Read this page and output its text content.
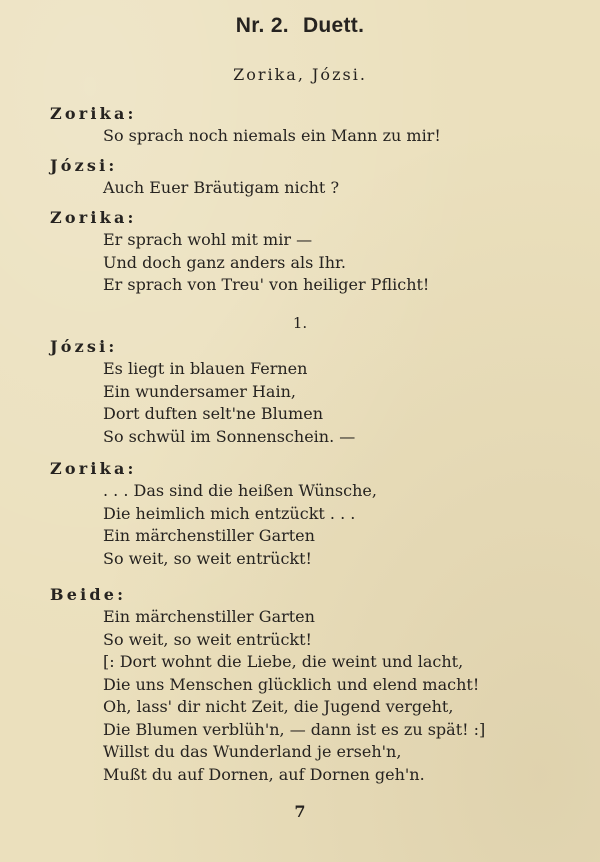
Nr. 2. Duett.
Zorika, Józsi.
Zorika:
So sprach noch niemals ein Mann zu mir!
Józsi:
Auch Euer Bräutigam nicht ?
Zorika:
Er sprach wohl mit mir —
Und doch ganz anders als Ihr.
Er sprach von Treu' von heiliger Pflicht!
1.
Józsi:
Es liegt in blauen Fernen
Ein wundersamer Hain,
Dort duften selt'ne Blumen
So schwül im Sonnenschein. —
Zorika:
. . . Das sind die heißen Wünsche,
Die heimlich mich entzückt . . .
Ein märchenstiller Garten
So weit, so weit entrückt!
Beide:
Ein märchenstiller Garten
So weit, so weit entrückt!
[: Dort wohnt die Liebe, die weint und lacht,
Die uns Menschen glücklich und elend macht!
Oh, lass' dir nicht Zeit, die Jugend vergeht,
Die Blumen verblüh'n, — dann ist es zu spät! :]
Willst du das Wunderland je erseh'n,
Mußt du auf Dornen, auf Dornen geh'n.
7
